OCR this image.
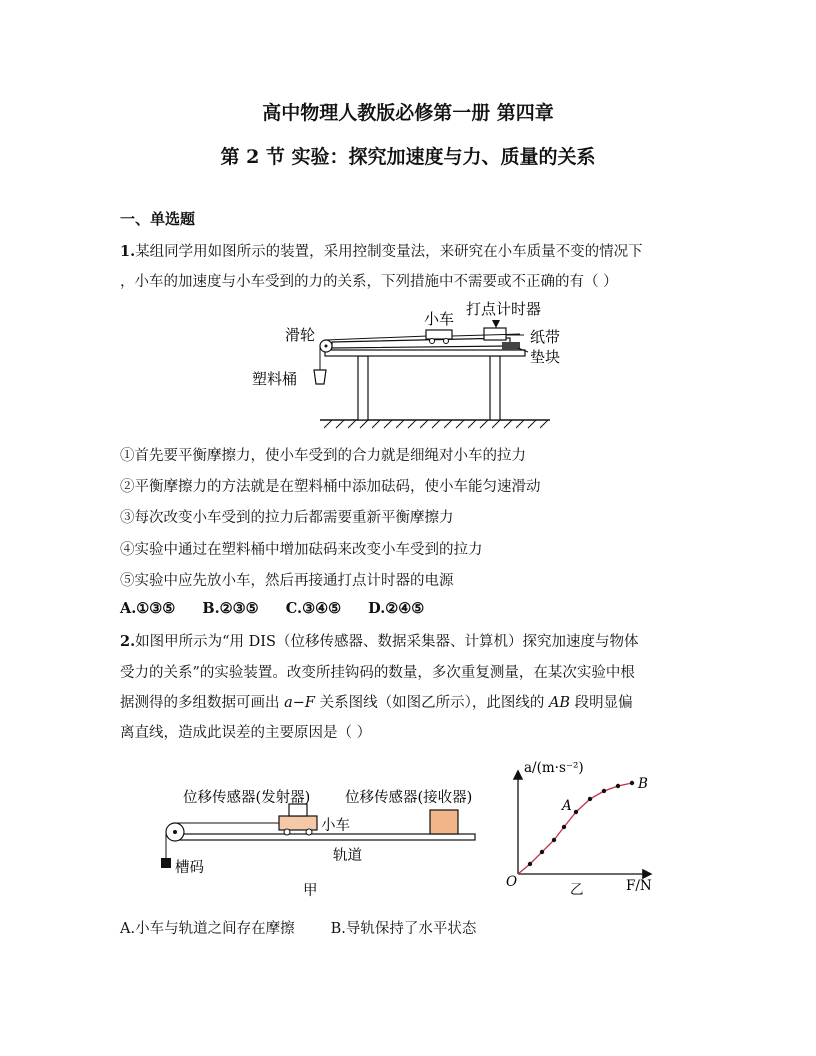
高中物理人教版必修第一册 第四章
第 2 节 实验：探究加速度与力、质量的关系
一、单选题
1.某组同学用如图所示的装置，采用控制变量法，来研究在小车质量不变的情况下
，小车的加速度与小车受到的力的关系，下列措施中不需要或不正确的有（ ）
滑轮
塑料桶
小车
打点计时器
纸带
垫块
①首先要平衡摩擦力，使小车受到的合力就是细绳对小车的拉力
②平衡摩擦力的方法就是在塑料桶中添加砝码，使小车能匀速滑动
③每次改变小车受到的拉力后都需要重新平衡摩擦力
④实验中通过在塑料桶中增加砝码来改变小车受到的拉力
⑤实验中应先放小车，然后再接通打点计时器的电源
A.①③⑤ B.②③⑤ C.③④⑤ D.②④⑤
2.如图甲所示为“用 DIS（位移传感器、数据采集器、计算机）探究加速度与物体
受力的关系”的实验装置。改变所挂钩码的数量，多次重复测量，在某次实验中根
据测得的多组数据可画出 a−F 关系图线（如图乙所示），此图线的 AB 段明显偏
离直线，造成此误差的主要原因是（ ）
位移传感器(发射器) 位移传感器(接收器)
小车
轨道
槽码
甲
a/(m·s⁻²)
F/N
O
A
B
乙
A.小车与轨道之间存在摩擦 B.导轨保持了水平状态
